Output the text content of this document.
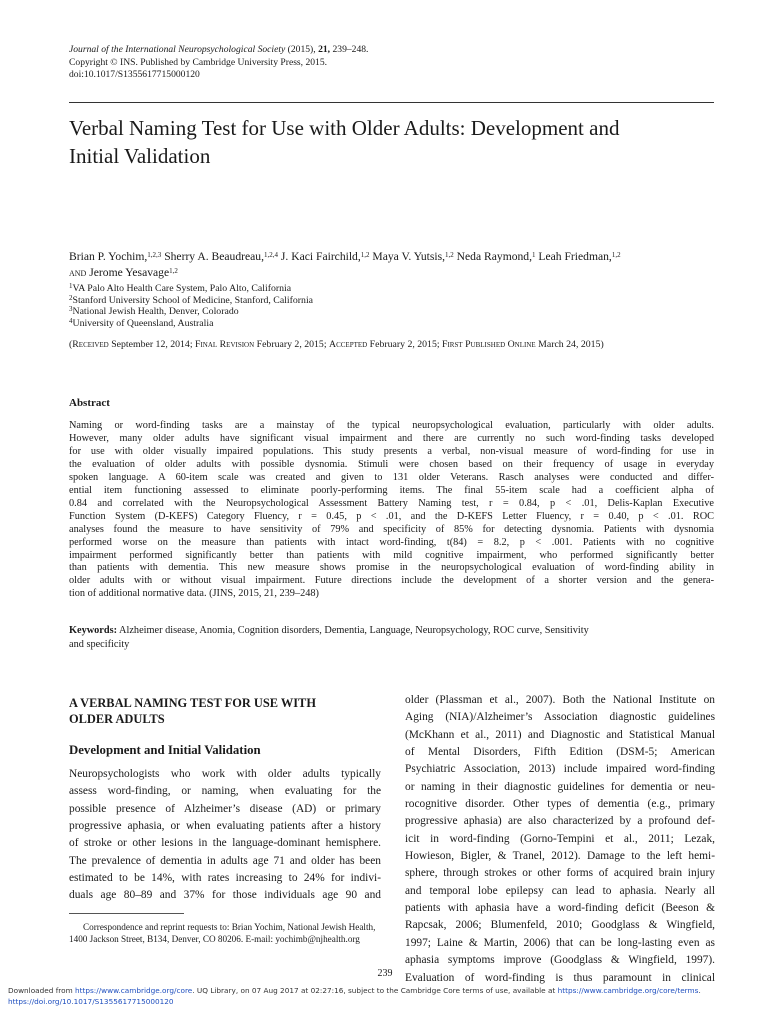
Journal of the International Neuropsychological Society (2015), 21, 239–248.
Copyright © INS. Published by Cambridge University Press, 2015.
doi:10.1017/S1355617715000120
Verbal Naming Test for Use with Older Adults: Development and
Initial Validation
Brian P. Yochim,$^{1,2,3}$ Sherry A. Beaudreau,$^{1,2,4}$ J. Kaci Fairchild,$^{1,2}$ Maya V. Yutsis,$^{1,2}$ Neda Raymond,$^1$ Leah Friedman,$^{1,2}$
and Jerome Yesavage$^{1,2}$
$^1$VA Palo Alto Health Care System, Palo Alto, California
$^2$Stanford University School of Medicine, Stanford, California
$^3$National Jewish Health, Denver, Colorado
$^4$University of Queensland, Australia
(Received September 12, 2014; Final Revision February 2, 2015; Accepted February 2, 2015; First Published Online March 24, 2015)
Abstract
Naming or word-finding tasks are a mainstay of the typical neuropsychological evaluation, particularly with older adults.
However, many older adults have significant visual impairment and there are currently no such word-finding tasks developed
for use with older visually impaired populations. This study presents a verbal, non-visual measure of word-finding for use in
the evaluation of older adults with possible dysnomia. Stimuli were chosen based on their frequency of usage in everyday
spoken language. A 60-item scale was created and given to 131 older Veterans. Rasch analyses were conducted and differ-
ential item functioning assessed to eliminate poorly-performing items. The final 55-item scale had a coefficient alpha of
0.84 and correlated with the Neuropsychological Assessment Battery Naming test, r = 0.84, p < .01, Delis-Kaplan Executive
Function System (D-KEFS) Category Fluency, r = 0.45, p < .01, and the D-KEFS Letter Fluency, r = 0.40, p < .01. ROC
analyses found the measure to have sensitivity of 79% and specificity of 85% for detecting dysnomia. Patients with dysnomia
performed worse on the measure than patients with intact word-finding, t(84) = 8.2, p < .001. Patients with no cognitive
impairment performed significantly better than patients with mild cognitive impairment, who performed significantly better
than patients with dementia. This new measure shows promise in the neuropsychological evaluation of word-finding ability in
older adults with or without visual impairment. Future directions include the development of a shorter version and the genera-
tion of additional normative data. (JINS, 2015, 21, 239–248)
Keywords: Alzheimer disease, Anomia, Cognition disorders, Dementia, Language, Neuropsychology, ROC curve, Sensitivity
and specificity
A VERBAL NAMING TEST FOR USE WITH
OLDER ADULTS
Development and Initial Validation
Neuropsychologists who work with older adults typically
assess word-finding, or naming, when evaluating for the
possible presence of Alzheimer’s disease (AD) or primary
progressive aphasia, or when evaluating patients after a history
of stroke or other lesions in the language-dominant hemisphere.
The prevalence of dementia in adults age 71 and older has been
estimated to be 14%, with rates increasing to 24% for indivi-
duals age 80–89 and 37% for those individuals age 90 and
older (Plassman et al., 2007). Both the National Institute on
Aging (NIA)/Alzheimer’s Association diagnostic guidelines
(McKhann et al., 2011) and Diagnostic and Statistical Manual
of Mental Disorders, Fifth Edition (DSM-5; American
Psychiatric Association, 2013) include impaired word-finding
or naming in their diagnostic guidelines for dementia or neu-
rocognitive disorder. Other types of dementia (e.g., primary
progressive aphasia) are also characterized by a profound def-
icit in word-finding (Gorno-Tempini et al., 2011; Lezak,
Howieson, Bigler, & Tranel, 2012). Damage to the left hemi-
sphere, through strokes or other forms of acquired brain injury
and temporal lobe epilepsy can lead to aphasia. Nearly all
patients with aphasia have a word-finding deficit (Beeson &
Rapcsak, 2006; Blumenfeld, 2010; Goodglass & Wingfield,
1997; Laine & Martin, 2006) that can be long-lasting even as
aphasia symptoms improve (Goodglass & Wingfield, 1997).
Evaluation of word-finding is thus paramount in clinical
Correspondence and reprint requests to: Brian Yochim, National Jewish Health, 1400 Jackson Street, B134, Denver, CO 80206. E-mail: yochimb@njhealth.org
239
Downloaded from https://www.cambridge.org/core. UQ Library, on 07 Aug 2017 at 02:27:16, subject to the Cambridge Core terms of use, available at https://www.cambridge.org/core/terms.
https://doi.org/10.1017/S1355617715000120
